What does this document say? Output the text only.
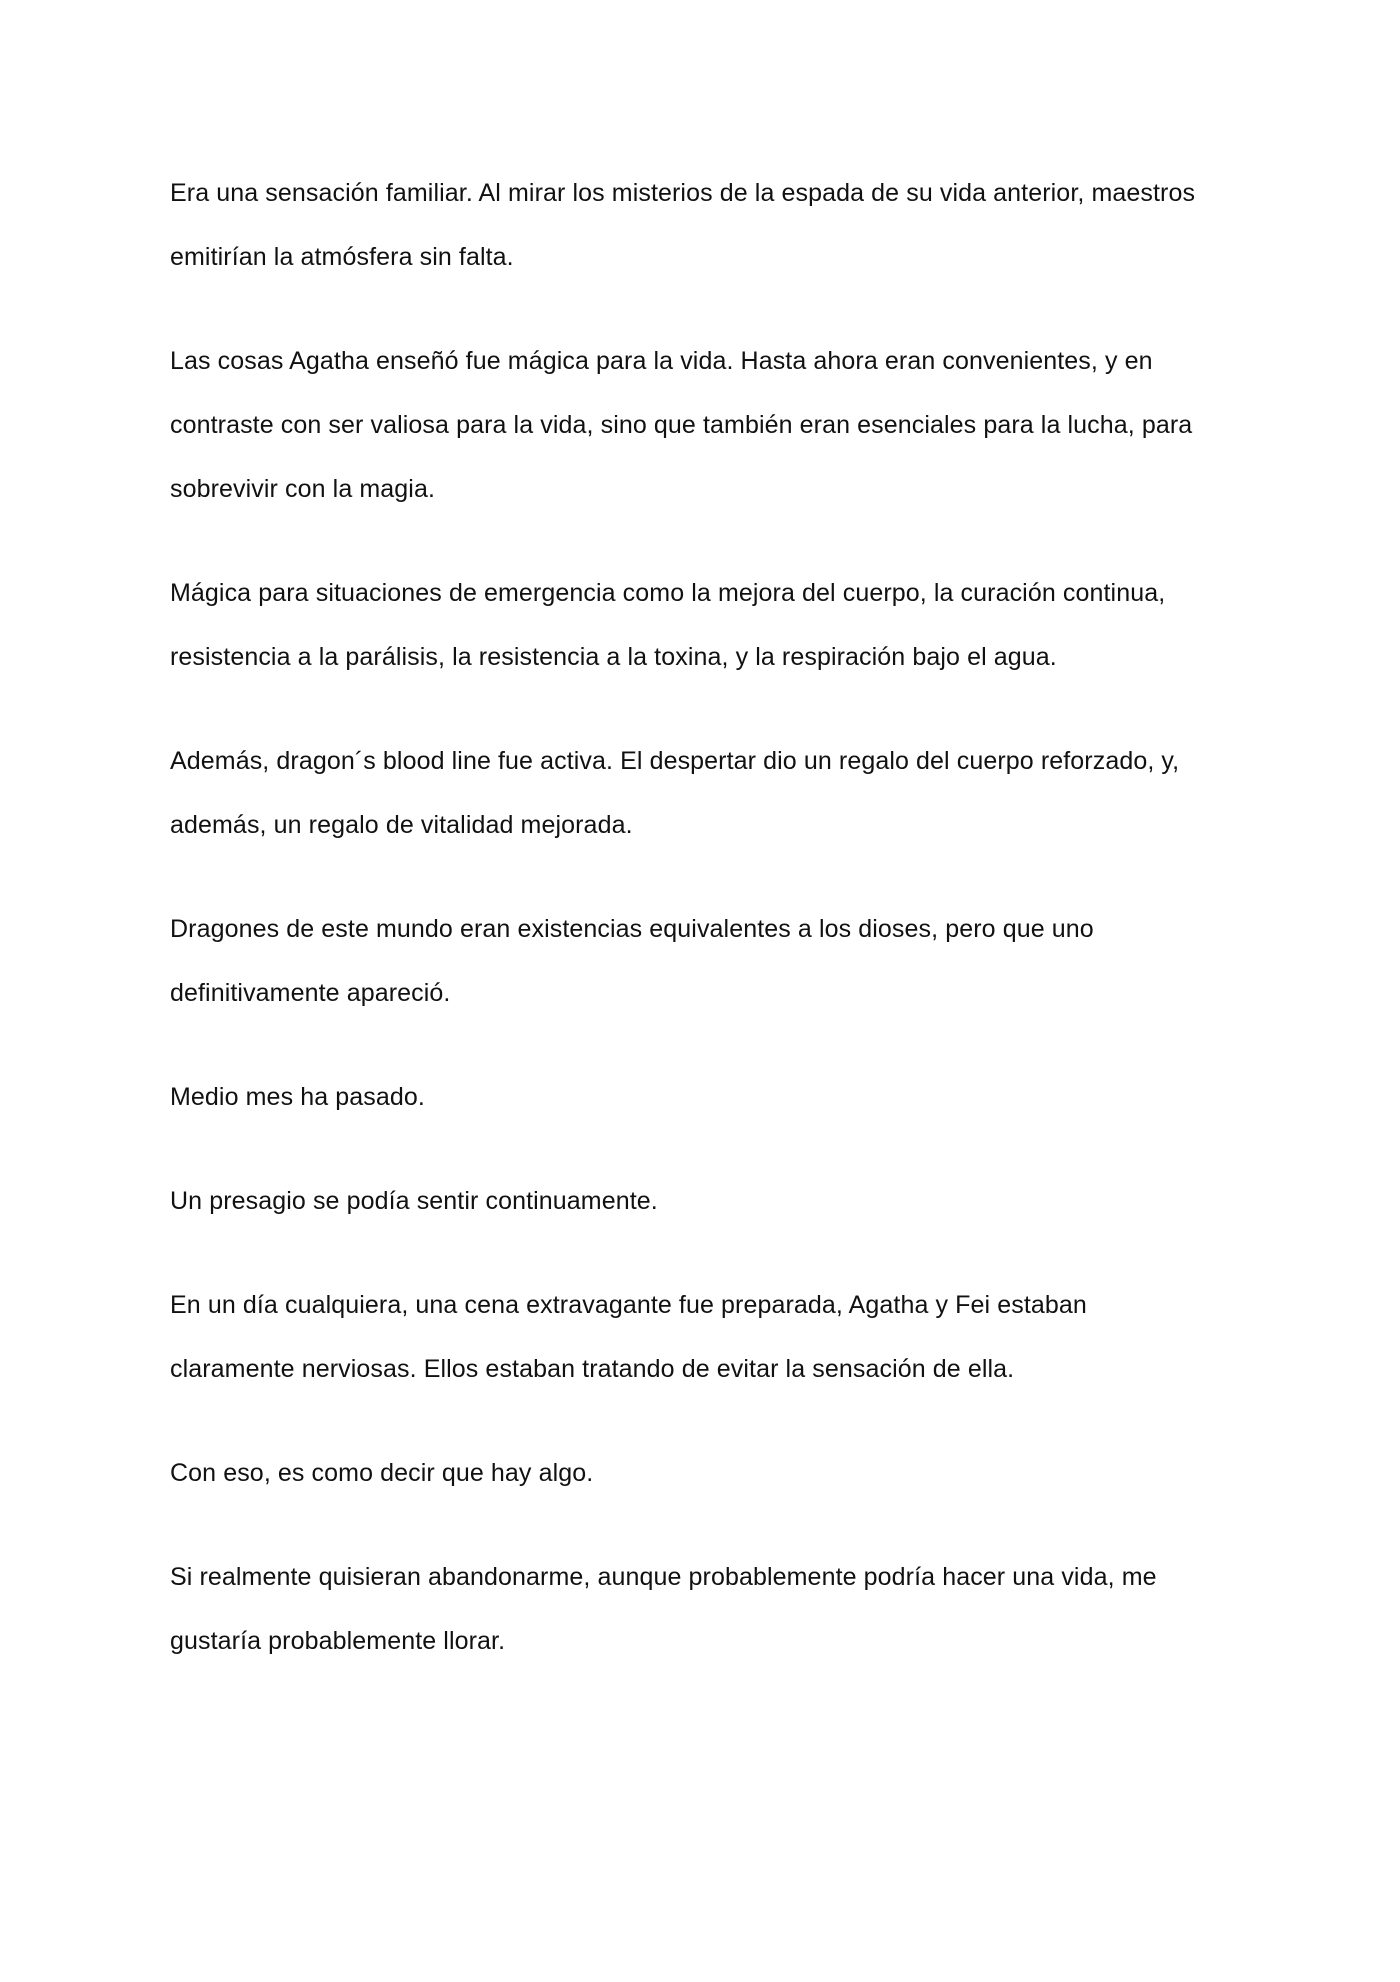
Era una sensación familiar. Al mirar los misterios de la espada de su vida anterior, maestros
emitirían la atmósfera sin falta.

Las cosas Agatha enseñó fue mágica para la vida. Hasta ahora eran convenientes, y en
contraste con ser valiosa para la vida, sino que también eran esenciales para la lucha, para
sobrevivir con la magia.

Mágica para situaciones de emergencia como la mejora del cuerpo, la curación continua,
resistencia a la parálisis, la resistencia a la toxina, y la respiración bajo el agua.

Además, dragon´s blood line fue activa. El despertar dio un regalo del cuerpo reforzado, y,
además, un regalo de vitalidad mejorada.

Dragones de este mundo eran existencias equivalentes a los dioses, pero que uno
definitivamente apareció.

Medio mes ha pasado.

Un presagio se podía sentir continuamente.

En un día cualquiera, una cena extravagante fue preparada, Agatha y Fei estaban
claramente nerviosas. Ellos estaban tratando de evitar la sensación de ella.

Con eso, es como decir que hay algo.

Si realmente quisieran abandonarme, aunque probablemente podría hacer una vida, me
gustaría probablemente llorar.
